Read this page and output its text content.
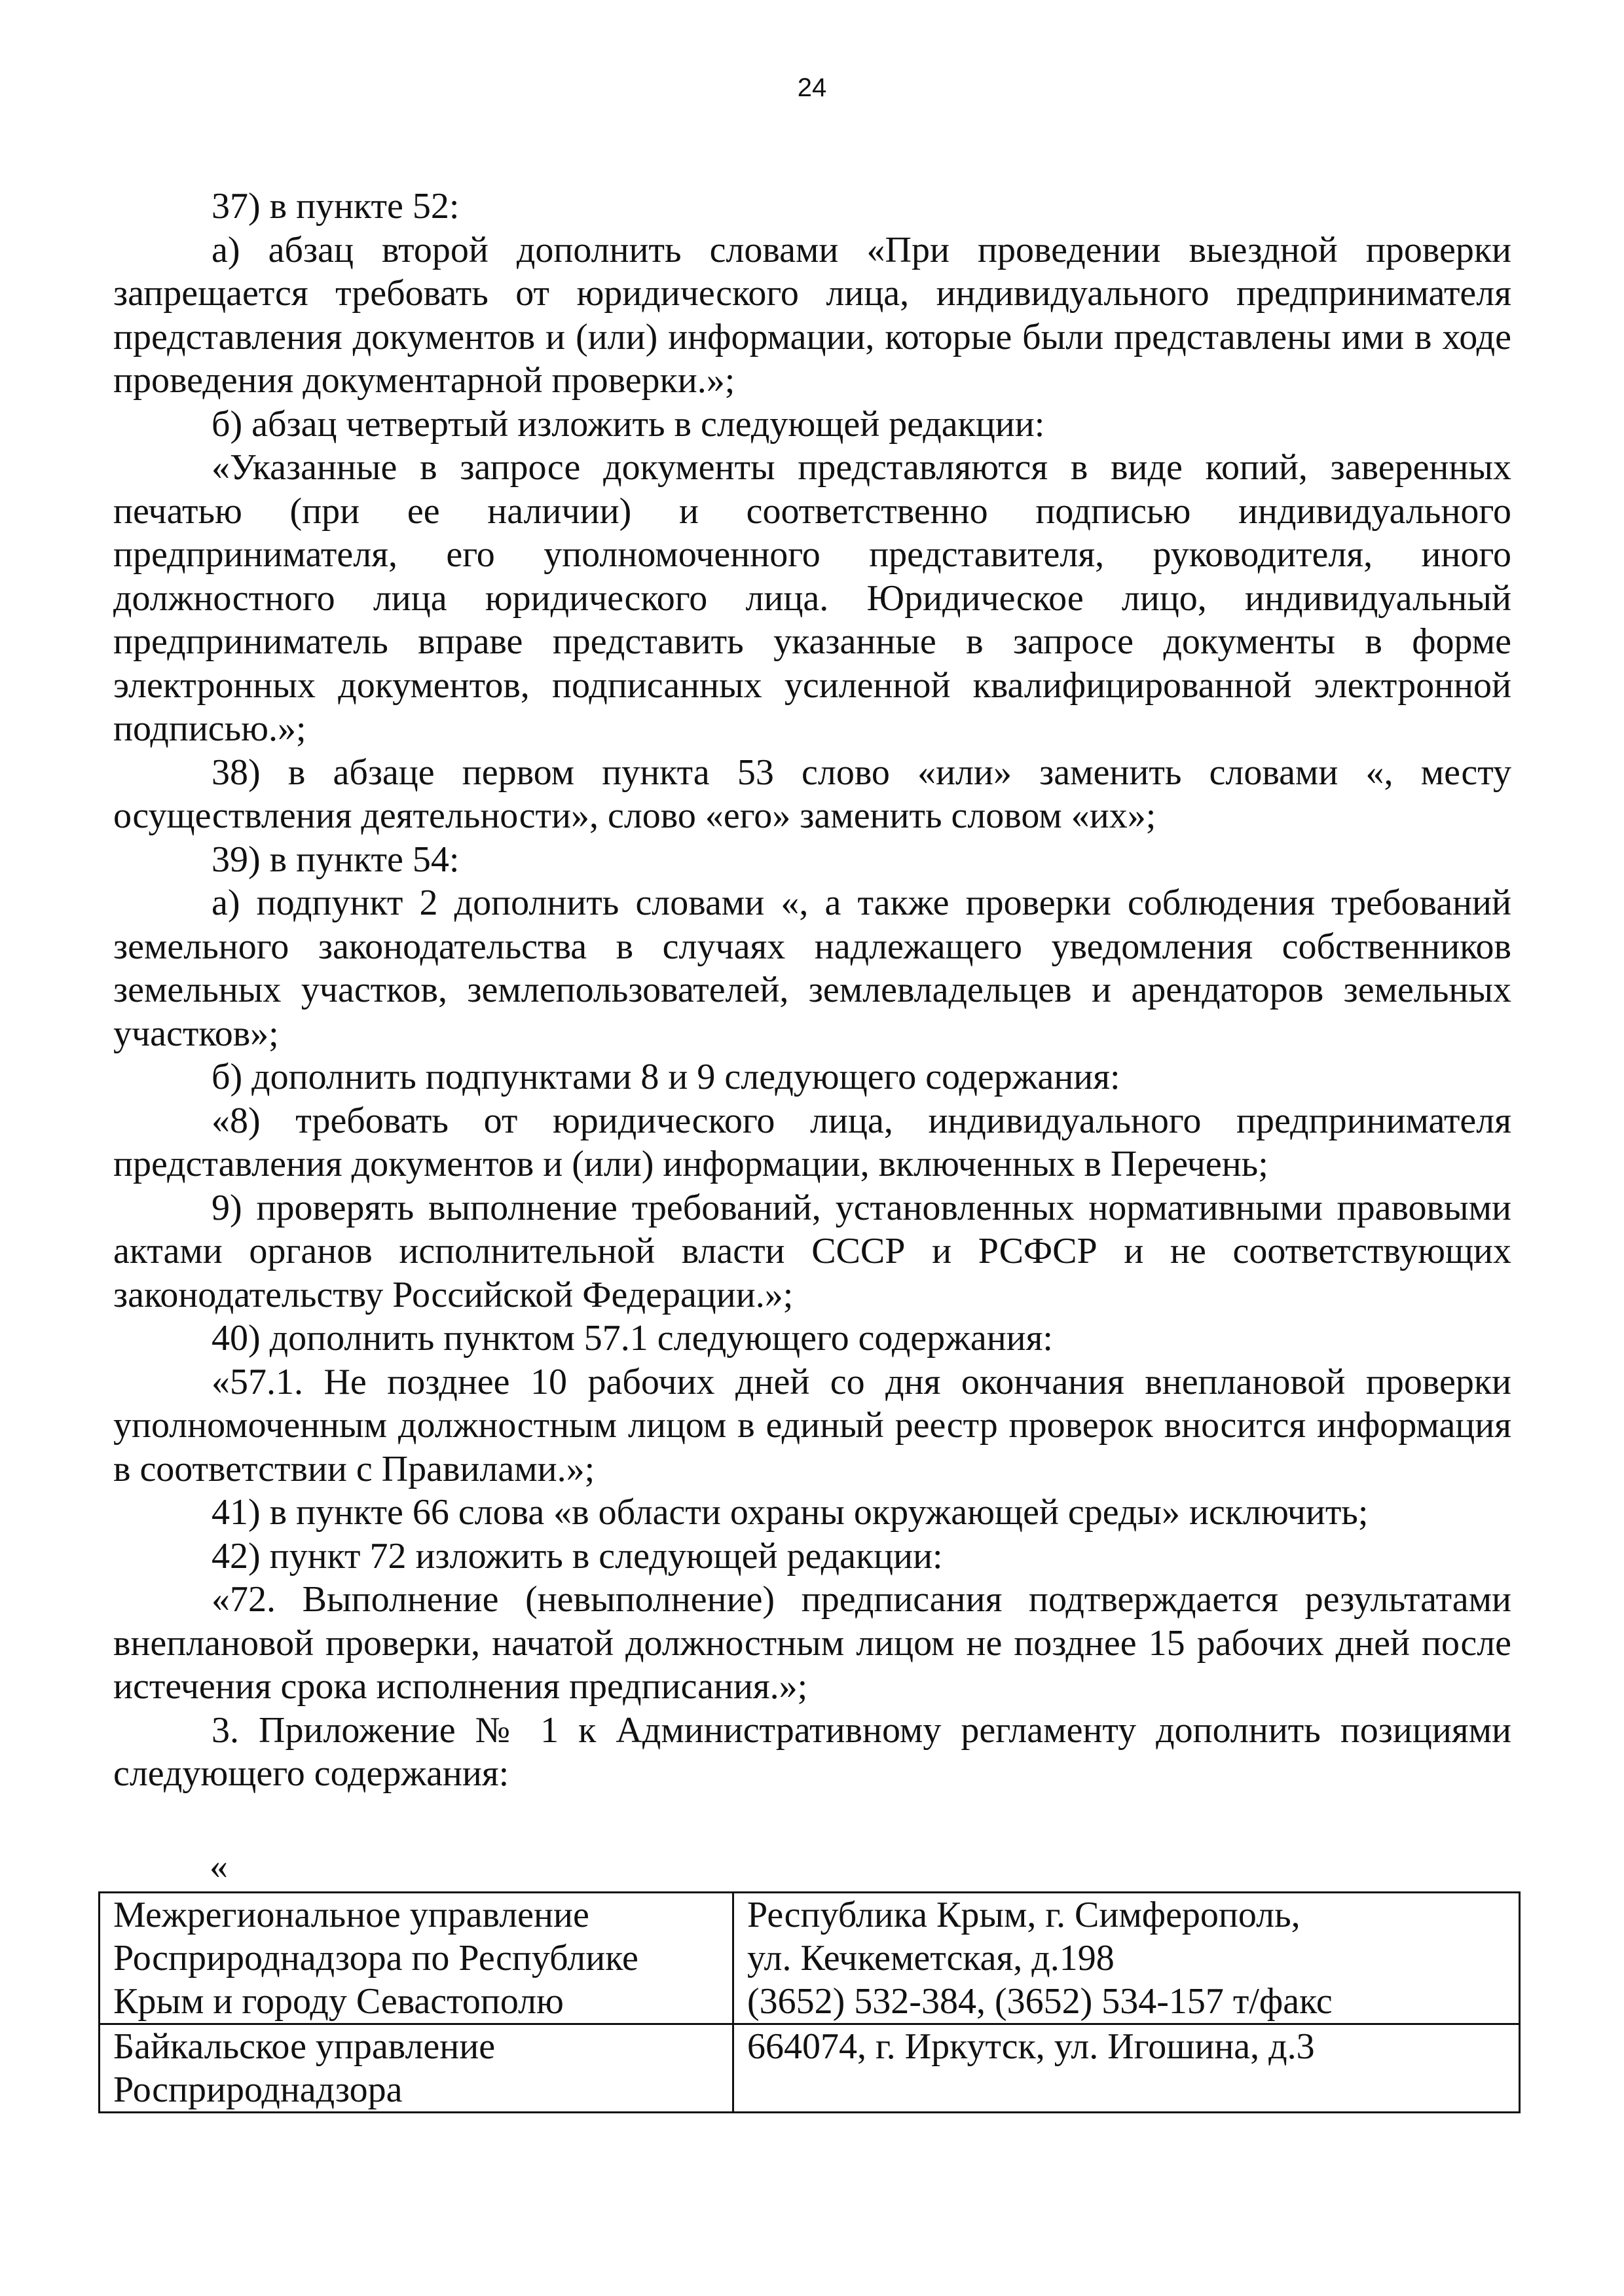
24

37) в пункте 52:

а) абзац второй дополнить словами «При проведении выездной проверки запрещается требовать от юридического лица, индивидуального предпринимателя представления документов и (или) информации, которые были представлены ими в ходе проведения документарной проверки.»;

б) абзац четвертый изложить в следующей редакции:

«Указанные в запросе документы представляются в виде копий, заверенных печатью (при ее наличии) и соответственно подписью индивидуального предпринимателя, его уполномоченного представителя, руководителя, иного должностного лица юридического лица. Юридическое лицо, индивидуальный предприниматель вправе представить указанные в запросе документы в форме электронных документов, подписанных усиленной квалифицированной электронной подписью.»;

38) в абзаце первом пункта 53 слово «или» заменить словами «, месту осуществления деятельности», слово «его» заменить словом «их»;

39) в пункте 54:

а) подпункт 2 дополнить словами «, а также проверки соблюдения требований земельного законодательства в случаях надлежащего уведомления собственников земельных участков, землепользователей, землевладельцев и арендаторов земельных участков»;

б) дополнить подпунктами 8 и 9 следующего содержания:

«8) требовать от юридического лица, индивидуального предпринимателя представления документов и (или) информации, включенных в Перечень;

9) проверять выполнение требований, установленных нормативными правовыми актами органов исполнительной власти СССР и РСФСР и не соответствующих законодательству Российской Федерации.»;

40) дополнить пунктом 57.1 следующего содержания:

«57.1. Не позднее 10 рабочих дней со дня окончания внеплановой проверки уполномоченным должностным лицом в единый реестр проверок вносится информация в соответствии с Правилами.»;

41) в пункте 66 слова «в области охраны окружающей среды» исключить;

42) пункт 72 изложить в следующей редакции:

«72. Выполнение (невыполнение) предписания подтверждается результатами внеплановой проверки, начатой должностным лицом не позднее 15 рабочих дней после истечения срока исполнения предписания.»;

3. Приложение № 1 к Административному регламенту дополнить позициями следующего содержания:

«
Межрегиональное управление
Росприроднадзора по Республике
Крым и городу Севастополю	Республика Крым, г. Симферополь,
ул. Кечкеметская, д.198
(3652) 532-384, (3652) 534-157 т/факс

Байкальское управление
Росприроднадзора	664074, г. Иркутск, ул. Игошина, д.3
